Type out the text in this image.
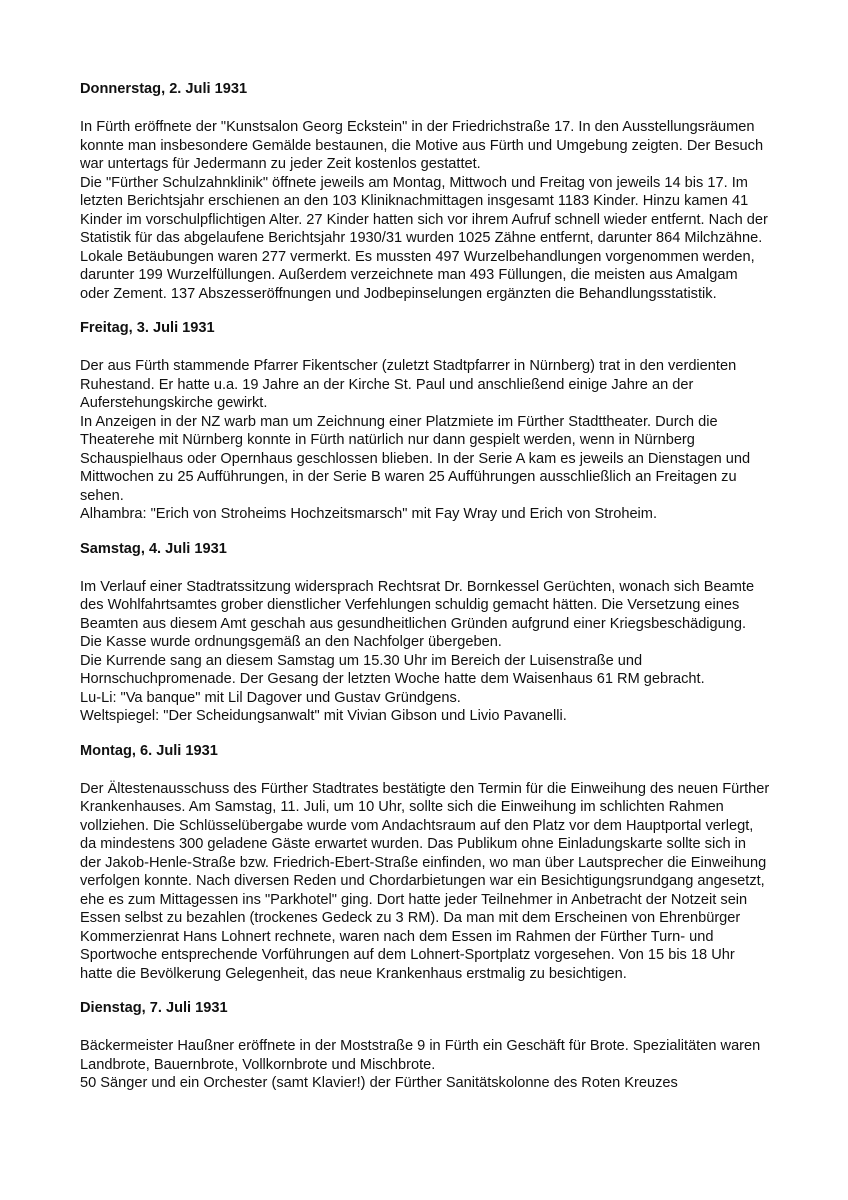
Donnerstag, 2. Juli 1931

In Fürth eröffnete der "Kunstsalon Georg Eckstein" in der Friedrichstraße 17. In den Ausstellungsräumen konnte man insbesondere Gemälde bestaunen, die Motive aus Fürth und Umgebung zeigten. Der Besuch war untertags für Jedermann zu jeder Zeit kostenlos gestattet.

Die "Fürther Schulzahnklinik" öffnete jeweils am Montag, Mittwoch und Freitag von jeweils 14 bis 17. Im letzten Berichtsjahr erschienen an den 103 Kliniknachmittagen insgesamt 1183 Kinder. Hinzu kamen 41 Kinder im vorschulpflichtigen Alter. 27 Kinder hatten sich vor ihrem Aufruf schnell wieder entfernt. Nach der Statistik für das abgelaufene Berichtsjahr 1930/31 wurden 1025 Zähne entfernt, darunter 864 Milchzähne. Lokale Betäubungen waren 277 vermerkt. Es mussten 497 Wurzelbehandlungen vorgenommen werden, darunter 199 Wurzelfüllungen. Außerdem verzeichnete man 493 Füllungen, die meisten aus Amalgam oder Zement. 137 Abszesseröffnungen und Jodbepinselungen ergänzten die Behandlungsstatistik.

Freitag, 3. Juli 1931

Der aus Fürth stammende Pfarrer Fikentscher (zuletzt Stadtpfarrer in Nürnberg) trat in den verdienten Ruhestand. Er hatte u.a. 19 Jahre an der Kirche St. Paul und anschließend einige Jahre an der Auferstehungskirche gewirkt.

In Anzeigen in der NZ warb man um Zeichnung einer Platzmiete im Fürther Stadttheater. Durch die Theaterehe mit Nürnberg konnte in Fürth natürlich nur dann gespielt werden, wenn in Nürnberg Schauspielhaus oder Opernhaus geschlossen blieben. In der Serie A kam es jeweils an Dienstagen und Mittwochen zu 25 Aufführungen, in der Serie B waren 25 Aufführungen ausschließlich an Freitagen zu sehen.

Alhambra: "Erich von Stroheims Hochzeitsmarsch" mit Fay Wray und Erich von Stroheim.

Samstag, 4. Juli 1931

Im Verlauf einer Stadtratssitzung widersprach Rechtsrat Dr. Bornkessel Gerüchten, wonach sich Beamte des Wohlfahrtsamtes grober dienstlicher Verfehlungen schuldig gemacht hätten. Die Versetzung eines Beamten aus diesem Amt geschah aus gesundheitlichen Gründen aufgrund einer Kriegsbeschädigung. Die Kasse wurde ordnungsgemäß an den Nachfolger übergeben.

Die Kurrende sang an diesem Samstag um 15.30 Uhr im Bereich der Luisenstraße und Hornschuchpromenade. Der Gesang der letzten Woche hatte dem Waisenhaus 61 RM gebracht.

Lu-Li: "Va banque" mit Lil Dagover und Gustav Gründgens.

Weltspiegel: "Der Scheidungsanwalt" mit Vivian Gibson und Livio Pavanelli.

Montag, 6. Juli 1931

Der Ältestenausschuss des Fürther Stadtrates bestätigte den Termin für die Einweihung des neuen Fürther Krankenhauses. Am Samstag, 11. Juli, um 10 Uhr, sollte sich die Einweihung im schlichten Rahmen vollziehen. Die Schlüsselübergabe wurde vom Andachtsraum auf den Platz vor dem Hauptportal verlegt, da mindestens 300 geladene Gäste erwartet wurden. Das Publikum ohne Einladungskarte sollte sich in der Jakob-Henle-Straße bzw. Friedrich-Ebert-Straße einfinden, wo man über Lautsprecher die Einweihung verfolgen konnte. Nach diversen Reden und Chordarbietungen war ein Besichtigungsrundgang angesetzt, ehe es zum Mittagessen ins "Parkhotel" ging. Dort hatte jeder Teilnehmer in Anbetracht der Notzeit sein Essen selbst zu bezahlen (trockenes Gedeck zu 3 RM). Da man mit dem Erscheinen von Ehrenbürger Kommerzienrat Hans Lohnert rechnete, waren nach dem Essen im Rahmen der Fürther Turn- und Sportwoche entsprechende Vorführungen auf dem Lohnert-Sportplatz vorgesehen. Von 15 bis 18 Uhr hatte die Bevölkerung Gelegenheit, das neue Krankenhaus erstmalig zu besichtigen.

Dienstag, 7. Juli 1931

Bäckermeister Haußner eröffnete in der Moststraße 9 in Fürth ein Geschäft für Brote. Spezialitäten waren Landbrote, Bauernbrote, Vollkornbrote und Mischbrote.

50 Sänger und ein Orchester (samt Klavier!) der Fürther Sanitätskolonne des Roten Kreuzes
